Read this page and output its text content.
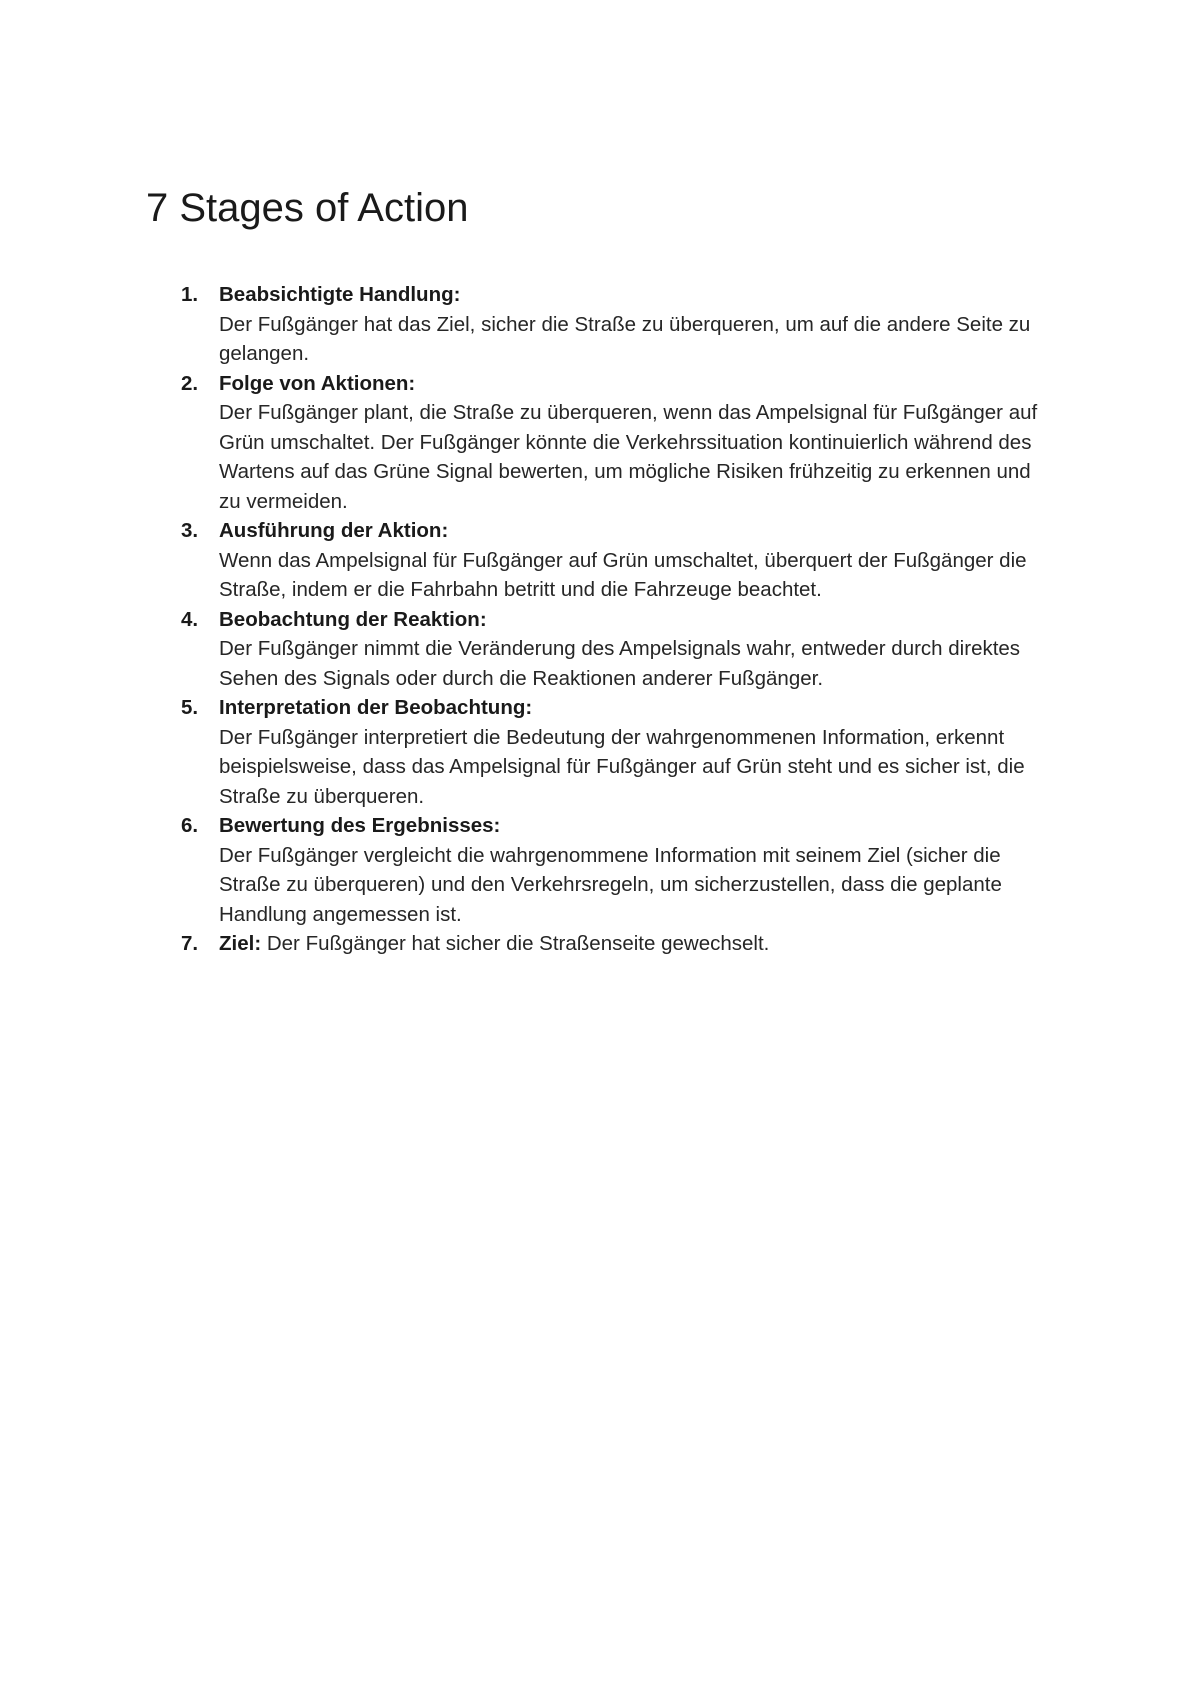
7 Stages of Action
1. Beabsichtigte Handlung:
Der Fußgänger hat das Ziel, sicher die Straße zu überqueren, um auf die andere Seite zu gelangen.
2. Folge von Aktionen:
Der Fußgänger plant, die Straße zu überqueren, wenn das Ampelsignal für Fußgänger auf Grün umschaltet. Der Fußgänger könnte die Verkehrssituation kontinuierlich während des Wartens auf das Grüne Signal bewerten, um mögliche Risiken frühzeitig zu erkennen und zu vermeiden.
3. Ausführung der Aktion:
Wenn das Ampelsignal für Fußgänger auf Grün umschaltet, überquert der Fußgänger die Straße, indem er die Fahrbahn betritt und die Fahrzeuge beachtet.
4. Beobachtung der Reaktion:
Der Fußgänger nimmt die Veränderung des Ampelsignals wahr, entweder durch direktes Sehen des Signals oder durch die Reaktionen anderer Fußgänger.
5. Interpretation der Beobachtung:
Der Fußgänger interpretiert die Bedeutung der wahrgenommenen Information, erkennt beispielsweise, dass das Ampelsignal für Fußgänger auf Grün steht und es sicher ist, die Straße zu überqueren.
6. Bewertung des Ergebnisses:
Der Fußgänger vergleicht die wahrgenommene Information mit seinem Ziel (sicher die Straße zu überqueren) und den Verkehrsregeln, um sicherzustellen, dass die geplante Handlung angemessen ist.
7. Ziel: Der Fußgänger hat sicher die Straßenseite gewechselt.
